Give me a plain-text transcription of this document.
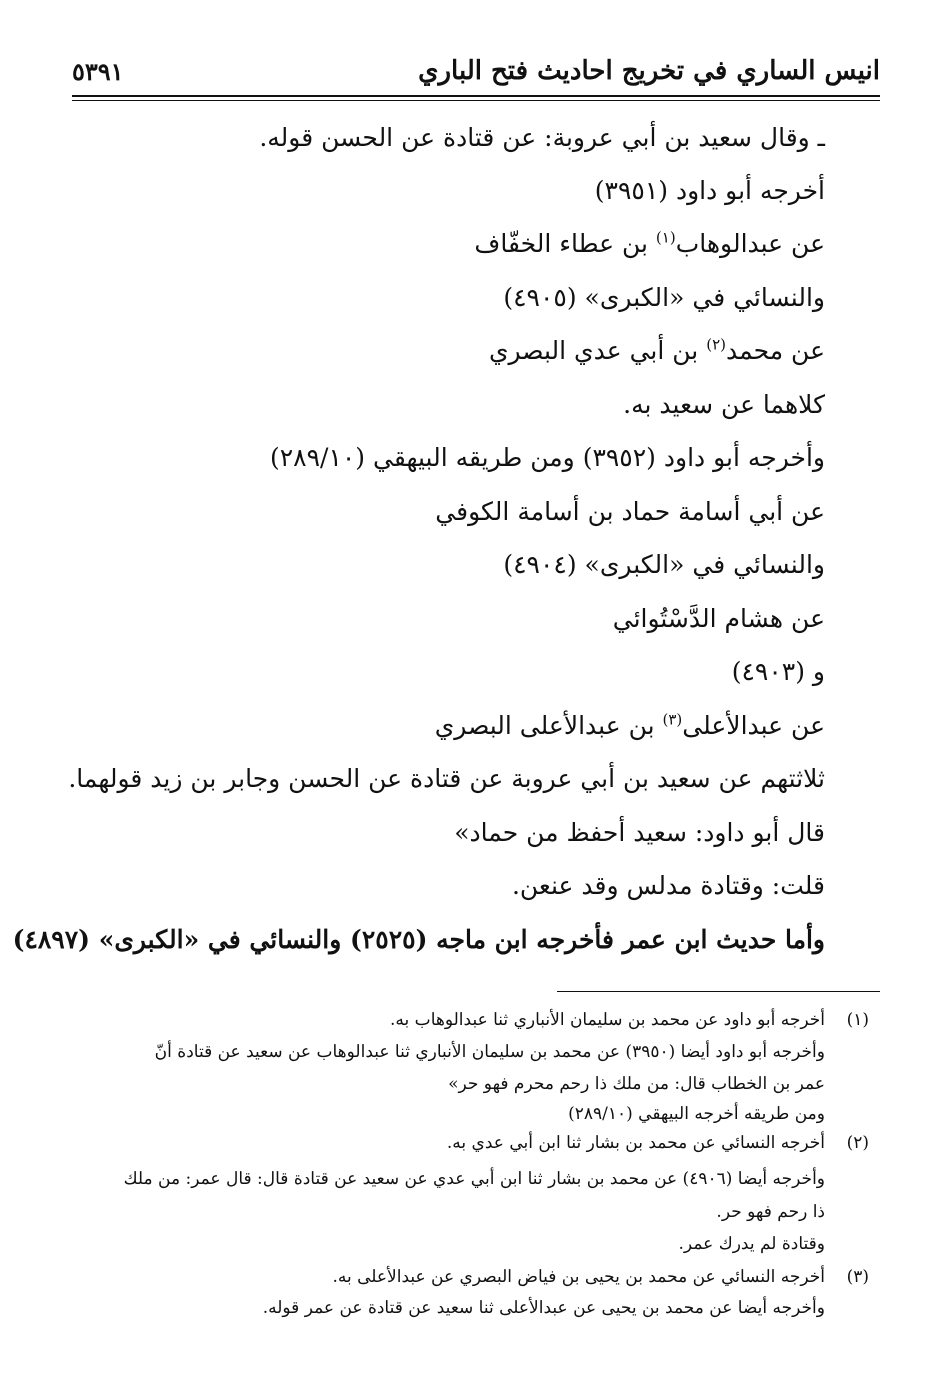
انيس الساري في تخريج احاديث فتح الباري
٥٣٩١
ـ وقال سعيد بن أبي عروبة: عن قتادة عن الحسن قوله.
أخرجه أبو داود (٣٩٥١)
عن عبدالوهاب$^{(١)}$ بن عطاء الخفّاف
والنسائي في «الكبرى» (٤٩٠٥)
عن محمد$^{(٢)}$ بن أبي عدي البصري
كلاهما عن سعيد به.
وأخرجه أبو داود (٣٩٥٢) ومن طريقه البيهقي (٢٨٩/١٠)
عن أبي أسامة حماد بن أسامة الكوفي
والنسائي في «الكبرى» (٤٩٠٤)
عن هشام الدَّسْتُوائي
و (٤٩٠٣)
عن عبدالأعلى$^{(٣)}$ بن عبدالأعلى البصري
ثلاثتهم عن سعيد بن أبي عروبة عن قتادة عن الحسن وجابر بن زيد قولهما.
قال أبو داود: سعيد أحفظ من حماد»
قلت: وقتادة مدلس وقد عنعن.
وأما حديث ابن عمر فأخرجه ابن ماجه (٢٥٢٥) والنسائي في «الكبرى» (٤٨٩٧)
(١)
أخرجه أبو داود عن محمد بن سليمان الأنباري ثنا عبدالوهاب به.
وأخرجه أبو داود أيضا (٣٩٥٠) عن محمد بن سليمان الأنباري ثنا عبدالوهاب عن سعيد عن قتادة أنّ
عمر بن الخطاب قال: من ملك ذا رحم محرم فهو حر»
ومن طريقه أخرجه البيهقي (٢٨٩/١٠)
(٢)
أخرجه النسائي عن محمد بن بشار ثنا ابن أبي عدي به.
وأخرجه أيضا (٤٩٠٦) عن محمد بن بشار ثنا ابن أبي عدي عن سعيد عن قتادة قال: قال عمر: من ملك
ذا رحم فهو حر.
وقتادة لم يدرك عمر.
(٣)
أخرجه النسائي عن محمد بن يحيى بن فياض البصري عن عبدالأعلى به.
وأخرجه أيضا عن محمد بن يحيى عن عبدالأعلى ثنا سعيد عن قتادة عن عمر قوله.
